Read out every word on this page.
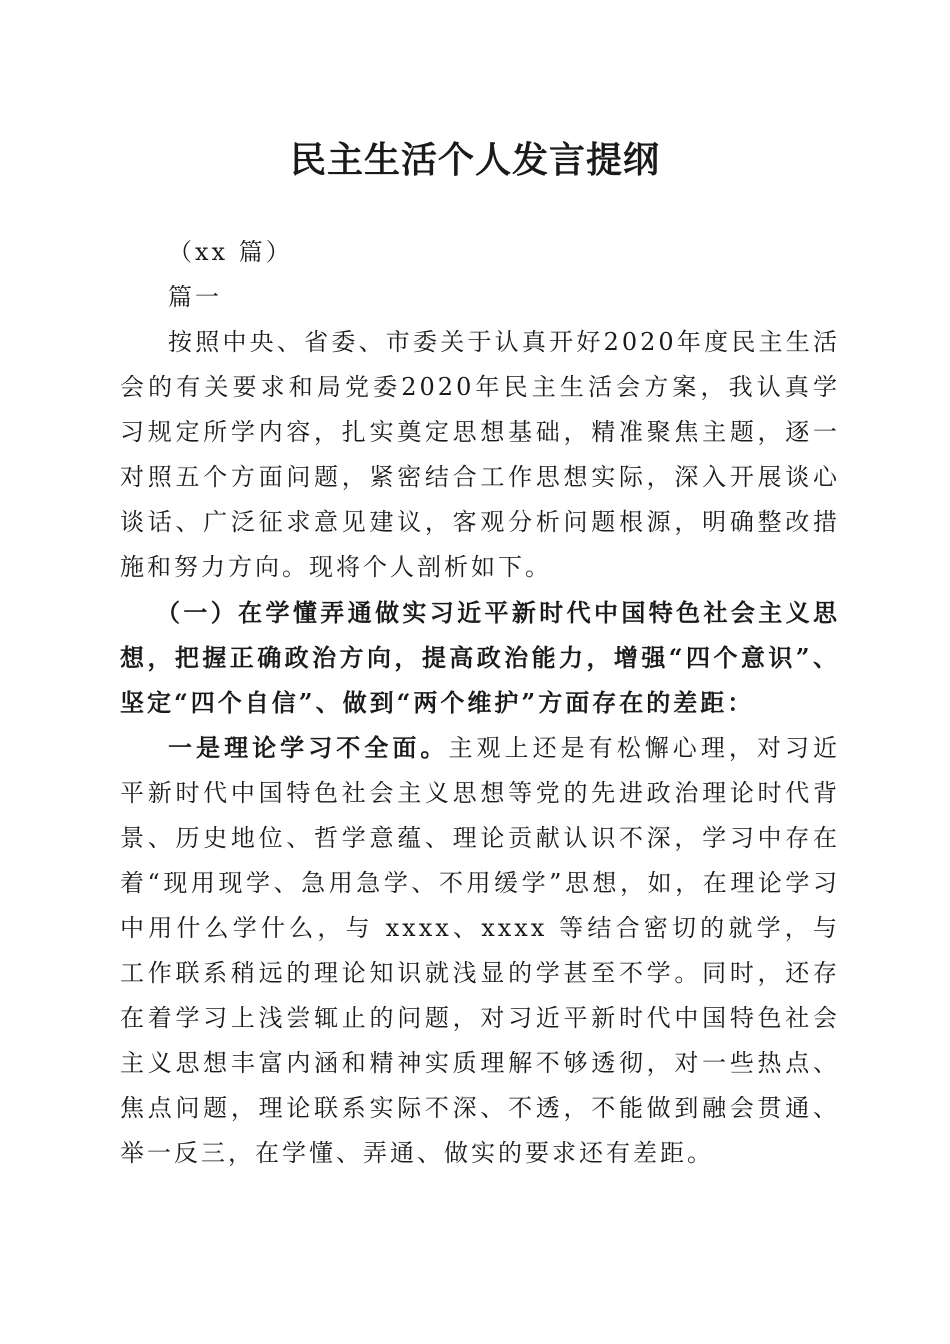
民主生活个人发言提纲

（xx 篇）

篇一

按照中央、省委、市委关于认真开好2020年度民主生活会的有关要求和局党委2020年民主生活会方案，我认真学习规定所学内容，扎实奠定思想基础，精准聚焦主题，逐一对照五个方面问题，紧密结合工作思想实际，深入开展谈心谈话、广泛征求意见建议，客观分析问题根源，明确整改措施和努力方向。现将个人剖析如下。

（一）在学懂弄通做实习近平新时代中国特色社会主义思想，把握正确政治方向，提高政治能力，增强“四个意识”、坚定“四个自信”、做到“两个维护”方面存在的差距：

一是理论学习不全面。主观上还是有松懈心理，对习近平新时代中国特色社会主义思想等党的先进政治理论时代背景、历史地位、哲学意蕴、理论贡献认识不深，学习中存在着“现用现学、急用急学、不用缓学”思想，如，在理论学习中用什么学什么，与 xxxx、xxxx 等结合密切的就学，与工作联系稍远的理论知识就浅显的学甚至不学。同时，还存在着学习上浅尝辄止的问题，对习近平新时代中国特色社会主义思想丰富内涵和精神实质理解不够透彻，对一些热点、焦点问题，理论联系实际不深、不透，不能做到融会贯通、举一反三，在学懂、弄通、做实的要求还有差距。
